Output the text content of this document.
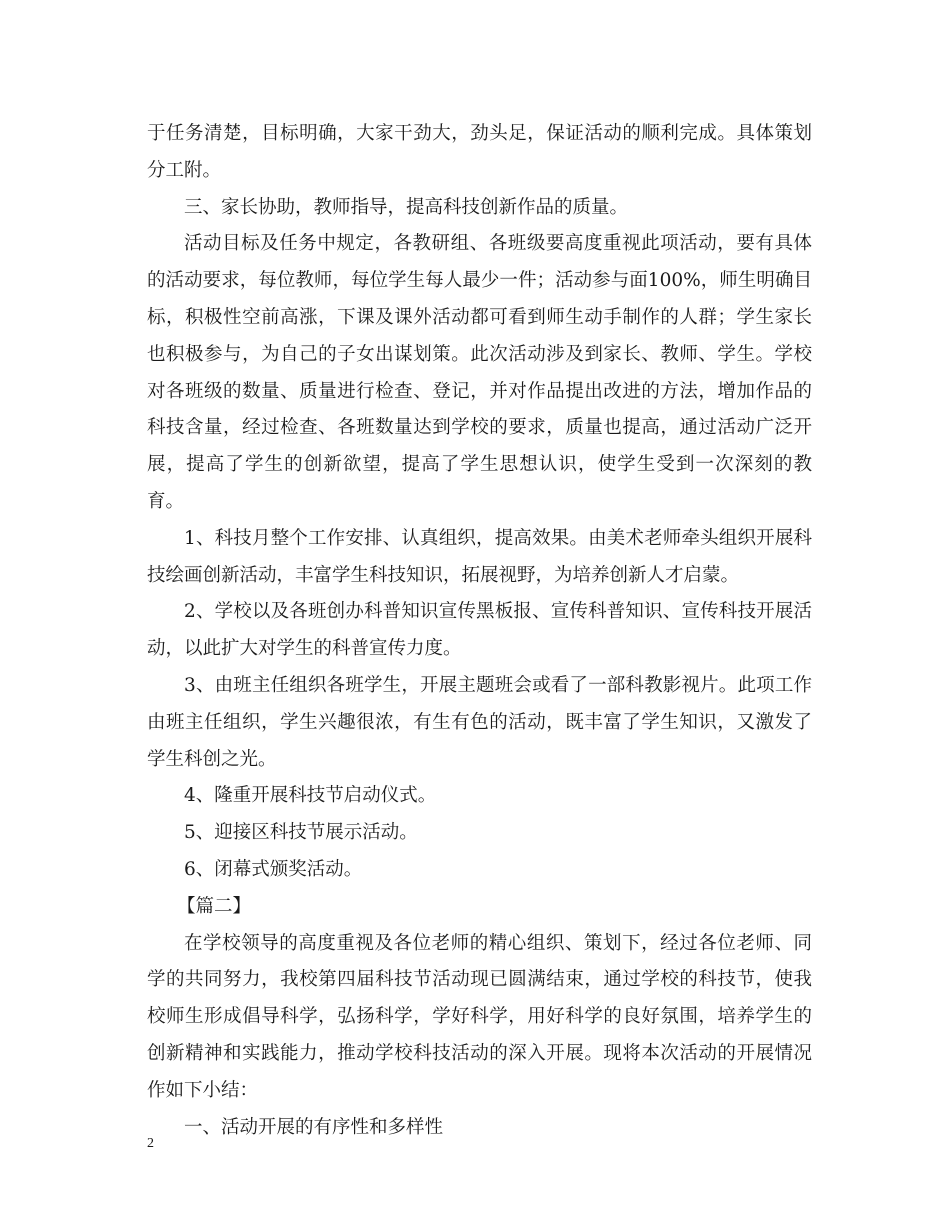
于任务清楚，目标明确，大家干劲大，劲头足，保证活动的顺利完成。具体策划分工附。

三、家长协助，教师指导，提高科技创新作品的质量。

活动目标及任务中规定，各教研组、各班级要高度重视此项活动，要有具体的活动要求，每位教师，每位学生每人最少一件；活动参与面100%，师生明确目标，积极性空前高涨，下课及课外活动都可看到师生动手制作的人群；学生家长也积极参与，为自己的子女出谋划策。此次活动涉及到家长、教师、学生。学校对各班级的数量、质量进行检查、登记，并对作品提出改进的方法，增加作品的科技含量，经过检查、各班数量达到学校的要求，质量也提高，通过活动广泛开展，提高了学生的创新欲望，提高了学生思想认识，使学生受到一次深刻的教育。

1、科技月整个工作安排、认真组织，提高效果。由美术老师牵头组织开展科技绘画创新活动，丰富学生科技知识，拓展视野，为培养创新人才启蒙。

2、学校以及各班创办科普知识宣传黑板报、宣传科普知识、宣传科技开展活动，以此扩大对学生的科普宣传力度。

3、由班主任组织各班学生，开展主题班会或看了一部科教影视片。此项工作由班主任组织，学生兴趣很浓，有生有色的活动，既丰富了学生知识，又激发了学生科创之光。

4、隆重开展科技节启动仪式。

5、迎接区科技节展示活动。

6、闭幕式颁奖活动。

【篇二】

在学校领导的高度重视及各位老师的精心组织、策划下，经过各位老师、同学的共同努力，我校第四届科技节活动现已圆满结束，通过学校的科技节，使我校师生形成倡导科学，弘扬科学，学好科学，用好科学的良好氛围，培养学生的创新精神和实践能力，推动学校科技活动的深入开展。现将本次活动的开展情况作如下小结：

一、活动开展的有序性和多样性

2
